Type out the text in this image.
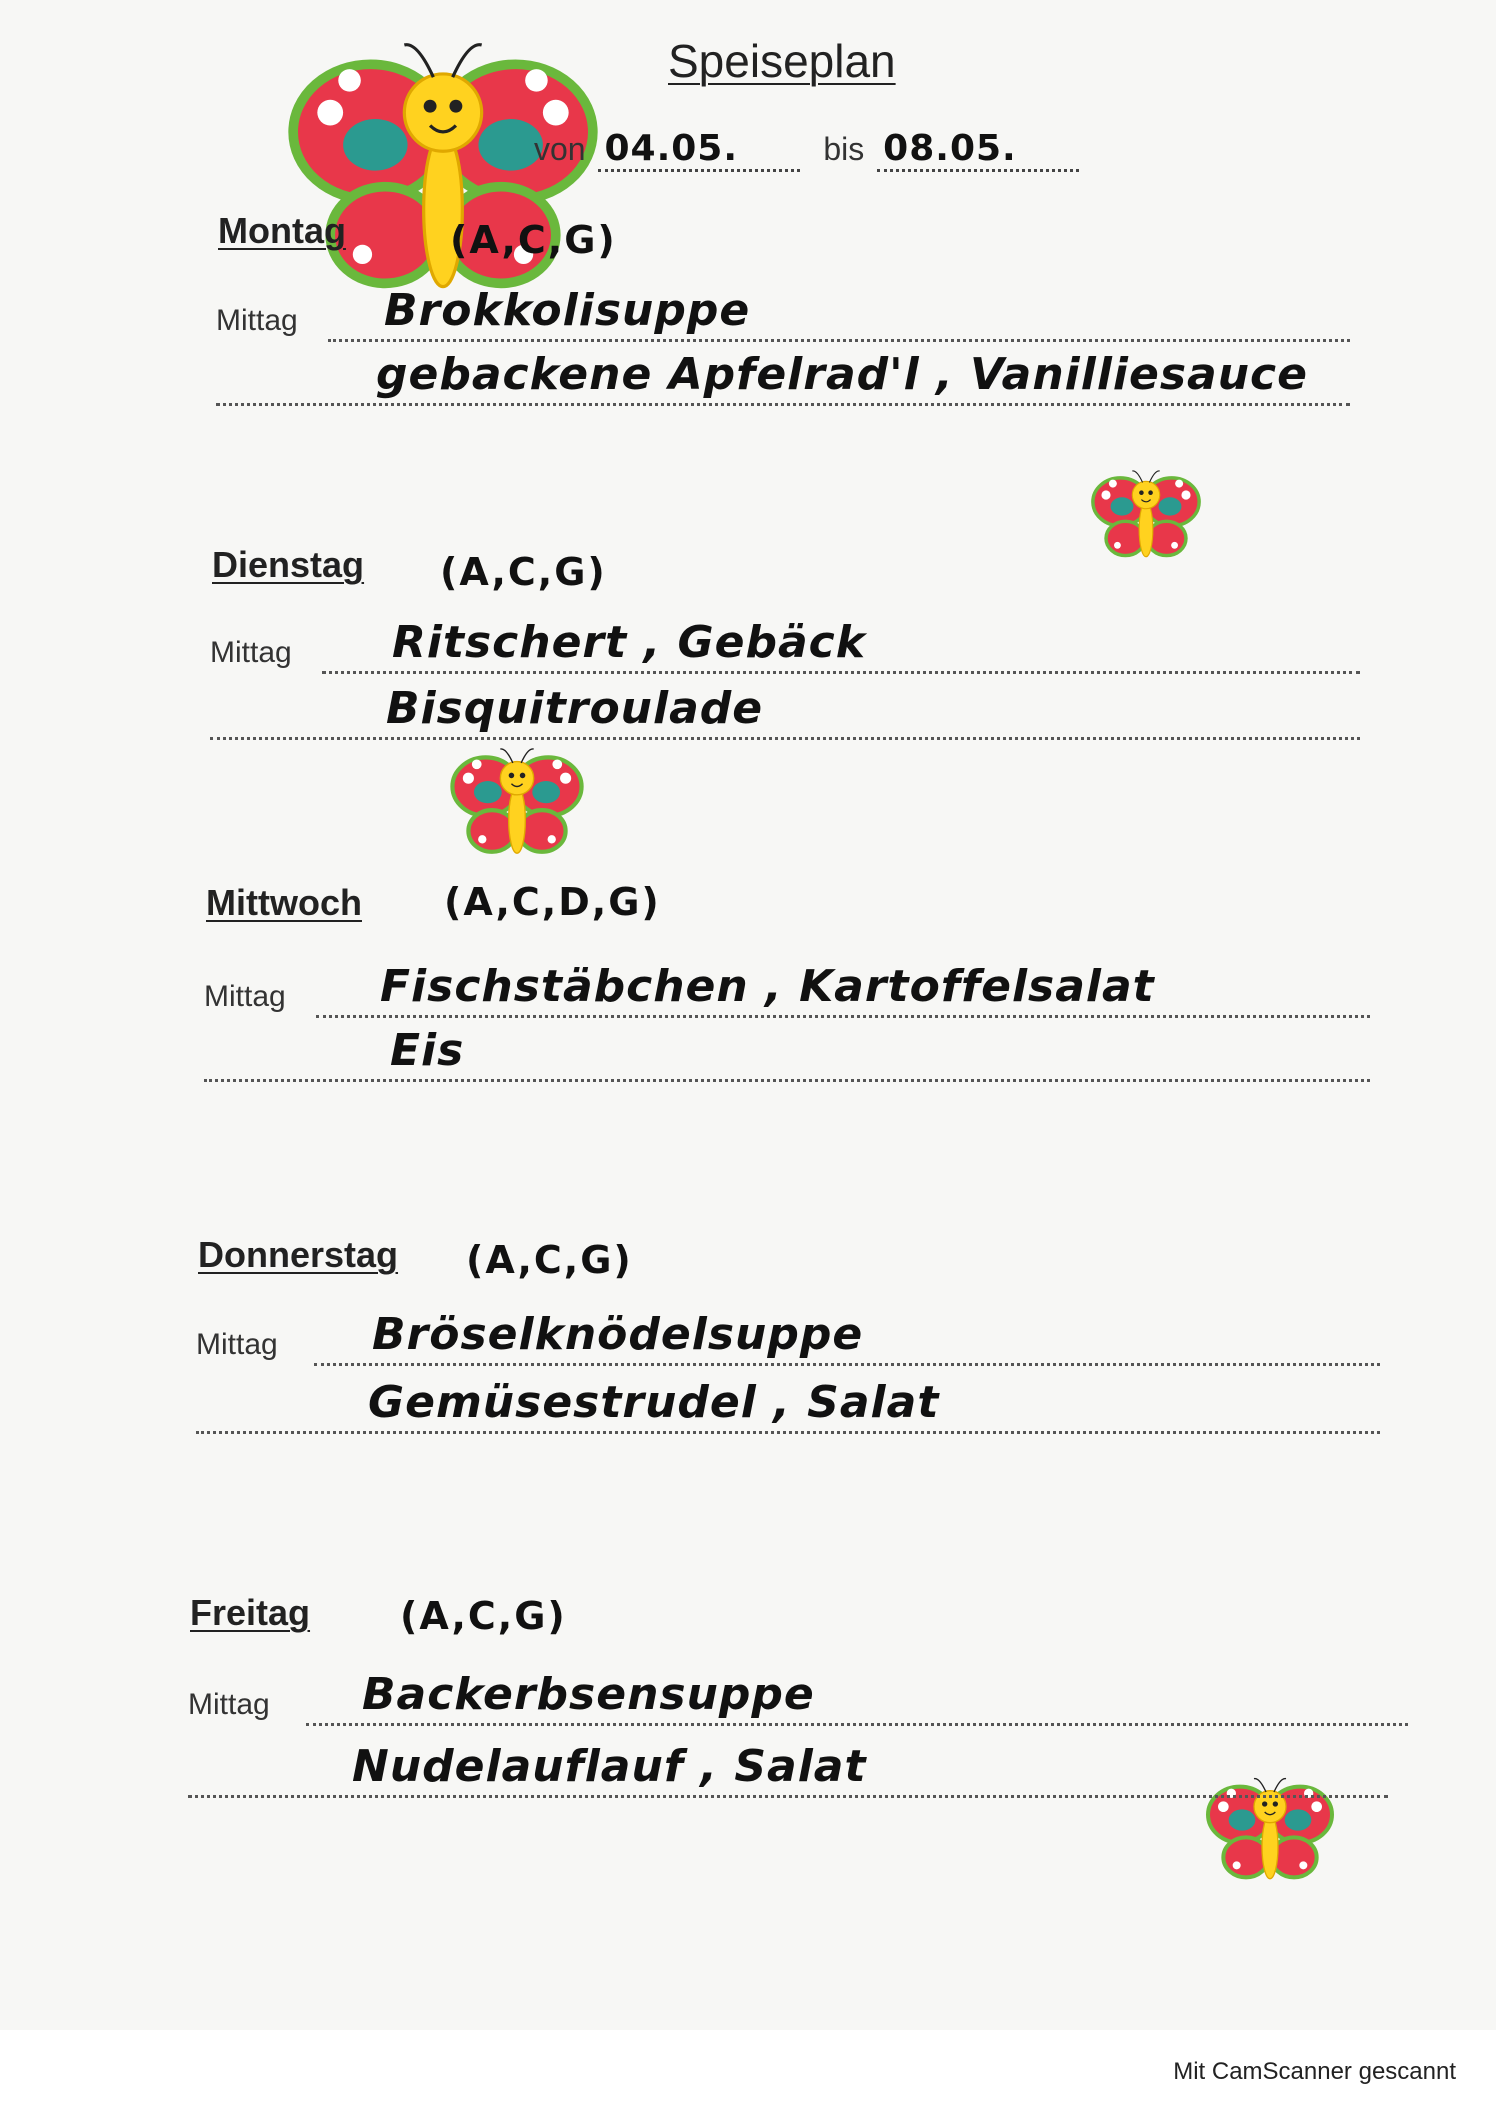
Speiseplan
von 04.05.	bis 08.05.
Montag	(A,C,G)
Mittag Brokkolisuppe
gebackene Apfelrad'l , Vanilliesauce
Dienstag (A,C,G)
Mittag Ritschert , Gebäck
Bisquitroulade
Mittwoch (A,C,D,G)
Mittag Fischstäbchen , Kartoffelsalat
Eis
Donnerstag (A,C,G)
Mittag Bröselknödelsuppe
Gemüsestrudel , Salat
Freitag (A,C,G)
Mittag Backerbsensuppe
Nudelauflauf , Salat
Mit CamScanner gescannt
